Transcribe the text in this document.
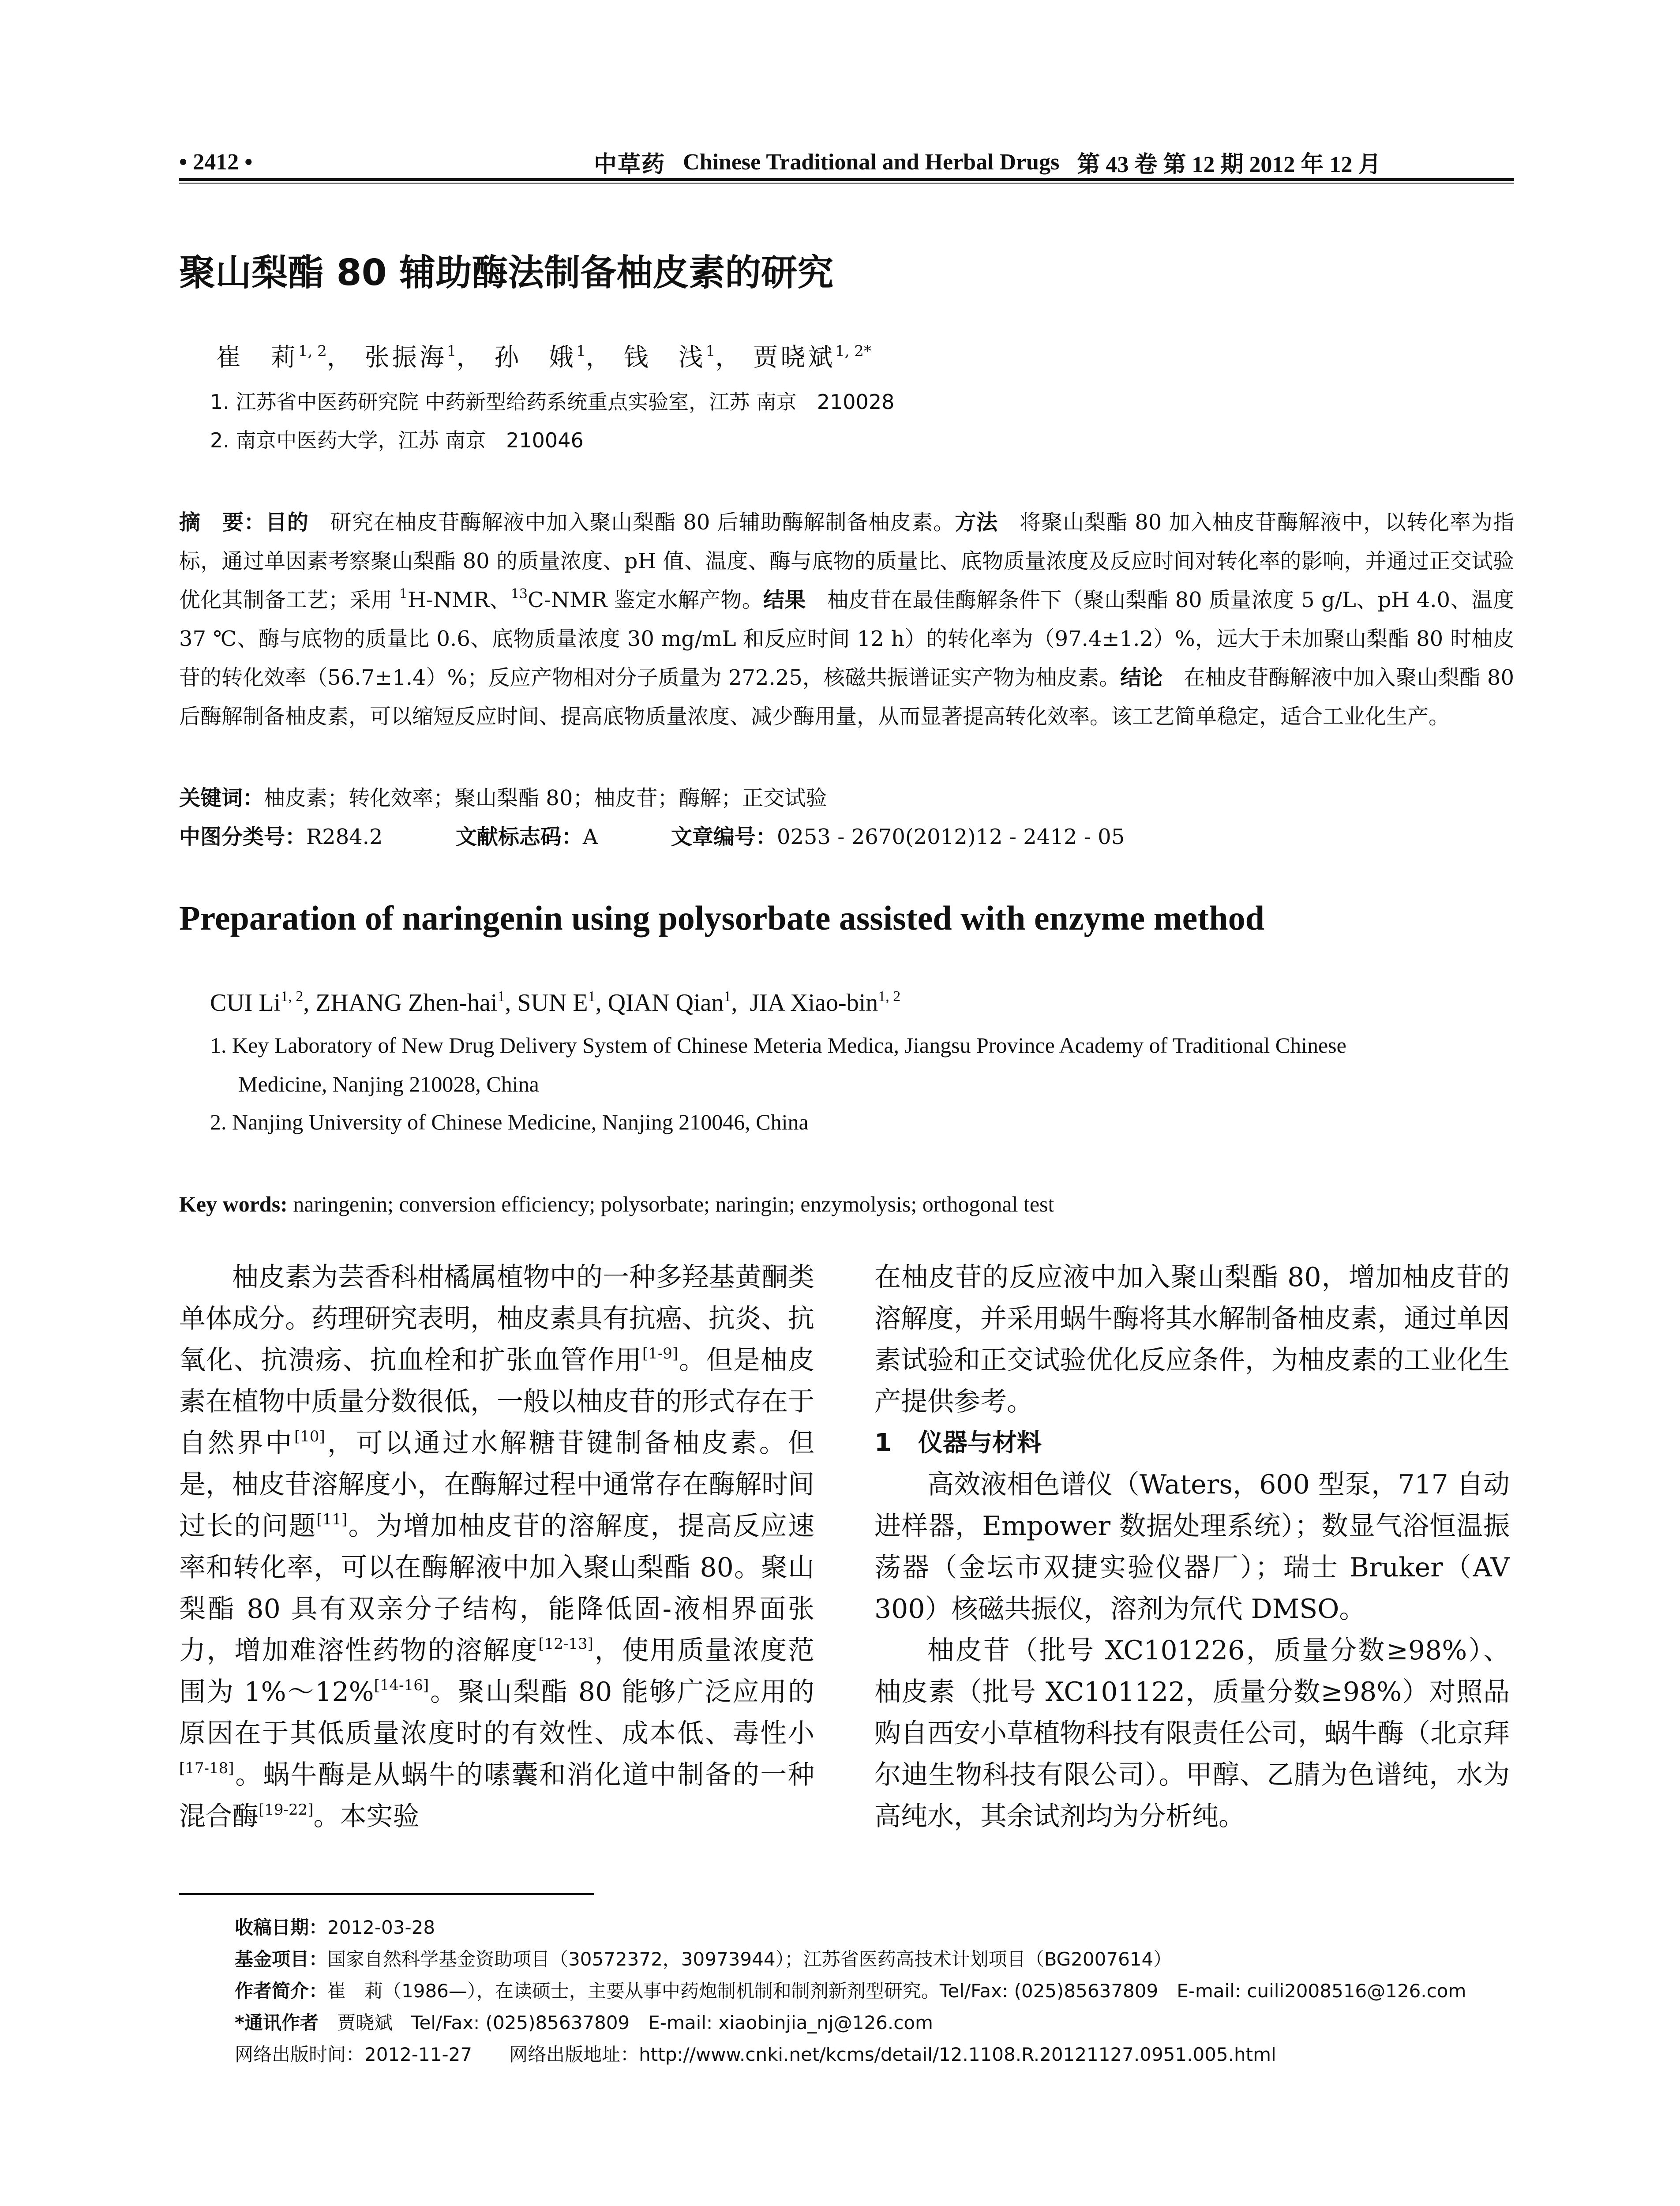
• 2412 •	中草药 Chinese Traditional and Herbal Drugs 第 43 卷 第 12 期 2012 年 12 月
聚山梨酯 80 辅助酶法制备柚皮素的研究
崔　莉$^{1, 2}$， 张振海$^1$， 孙　娥$^1$， 钱　浅$^1$， 贾晓斌$^{1, 2*}$
1. 江苏省中医药研究院 中药新型给药系统重点实验室，江苏 南京　210028
2. 南京中医药大学，江苏 南京　210046
摘　要：目的　 研究在柚皮苷酶解液中加入聚山梨酯 80 后辅助酶解制备柚皮素。方法　 将聚山梨酯 80 加入柚皮苷酶解液中，以转化率为指标，通过单因素考察聚山梨酯 80 的质量浓度、pH 值、温度、酶与底物的质量比、底物质量浓度及反应时间对转化率的影响，并通过正交试验优化其制备工艺；采用 $^1$H-NMR、$^{13}$C-NMR 鉴定水解产物。结果　 柚皮苷在最佳酶解条件下（聚山梨酯 80 质量浓度 5 g/L、pH 4.0、温度 37 ℃、酶与底物的质量比 0.6、底物质量浓度 30 mg/mL 和反应时间 12 h）的转化率为（97.4±1.2）%，远大于未加聚山梨酯 80 时柚皮苷的转化效率（56.7±1.4）%；反应产物相对分子质量为 272.25，核磁共振谱证实产物为柚皮素。结论　 在柚皮苷酶解液中加入聚山梨酯 80 后酶解制备柚皮素，可以缩短反应时间、提高底物质量浓度、减少酶用量，从而显著提高转化效率。该工艺简单稳定，适合工业化生产。
关键词：柚皮素；转化效率；聚山梨酯 80；柚皮苷；酶解；正交试验
中图分类号：R284.2	文献标志码：A	文章编号：0253 - 2670(2012)12 - 2412 - 05
Preparation of naringenin using polysorbate assisted with enzyme method
CUI Li$^{1, 2}$, ZHANG Zhen-hai$^1$, SUN $E^1$, QIAN Qian$^1$,  JIA Xiao-bin$^{1, 2}$
1. Key Laboratory of New Drug Delivery System of Chinese Meteria Medica, Jiangsu Province Academy of Traditional Chinese
Medicine, Nanjing 210028, China
2. Nanjing University of Chinese Medicine, Nanjing 210046, China
Key words: naringenin; conversion efficiency; polysorbate; naringin; enzymolysis; orthogonal test

柚皮素为芸香科柑橘属植物中的一种多羟基黄酮类单体成分。药理研究表明，柚皮素具有抗癌、抗炎、抗氧化、抗溃疡、抗血栓和扩张血管作用[1-9]。但是柚皮素在植物中质量分数很低，一般以柚皮苷的形式存在于自然界中[10]，可以通过水解糖苷键制备柚皮素。但是，柚皮苷溶解度小，在酶解过程中通常存在酶解时间过长的问题[11]。为增加柚皮苷的溶解度，提高反应速率和转化率，可以在酶解液中加入聚山梨酯 80。聚山梨酯 80 具有双亲分子结构，能降低固-液相界面张力，增加难溶性药物的溶解度[12-13]，使用质量浓度范围为 1%～12%[14-16]。聚山梨酯 80 能够广泛应用的原因在于其低质量浓度时的有效性、成本低、毒性小[17-18]。蜗牛酶是从蜗牛的嗉囊和消化道中制备的一种混合酶[19-22]。本实验

在柚皮苷的反应液中加入聚山梨酯 80，增加柚皮苷的溶解度，并采用蜗牛酶将其水解制备柚皮素，通过单因素试验和正交试验优化反应条件，为柚皮素的工业化生产提供参考。

1 仪器与材料

高效液相色谱仪（Waters，600 型泵，717 自动进样器，Empower 数据处理系统）；数显气浴恒温振荡器（金坛市双捷实验仪器厂）；瑞士 Bruker（AV 300）核磁共振仪，溶剂为氘代 DMSO。

柚皮苷（批号 XC101226，质量分数≥98%）、柚皮素（批号 XC101122，质量分数≥98%）对照品购自西安小草植物科技有限责任公司，蜗牛酶（北京拜尔迪生物科技有限公司）。甲醇、乙腈为色谱纯，水为高纯水，其余试剂均为分析纯。

收稿日期：2012-03-28
基金项目：国家自然科学基金资助项目（30572372，30973944）；江苏省医药高技术计划项目（BG2007614）
作者简介：崔　莉（1986—），在读硕士，主要从事中药炮制机制和制剂新剂型研究。Tel/Fax: (025)85637809　E-mail: cuili2008516@126.com
*通讯作者　 贾晓斌　Tel/Fax: (025)85637809　E-mail: xiaobinjia_nj@126.com
网络出版时间：2012-11-27　　 网络出版地址：http://www.cnki.net/kcms/detail/12.1108.R.20121127.0951.005.html
